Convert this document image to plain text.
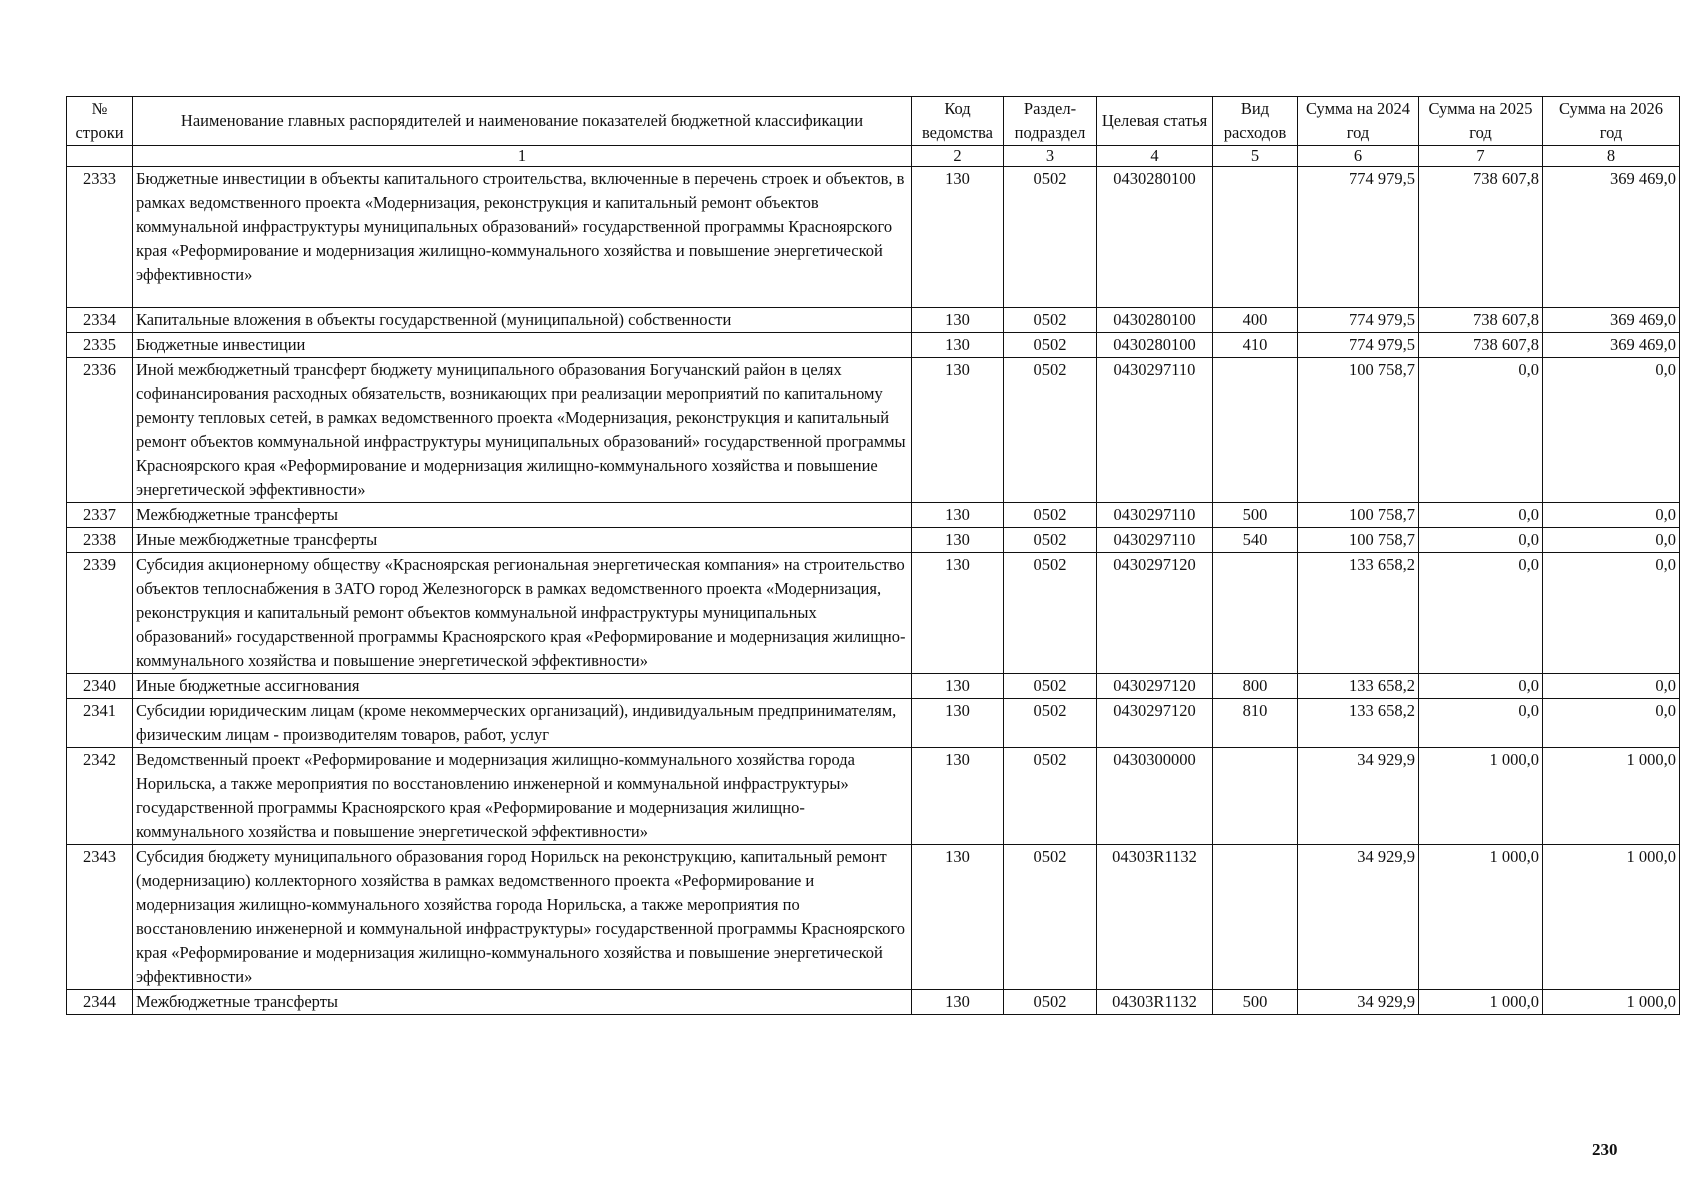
№ строки	Наименование главных распорядителей и наименование показателей бюджетной классификации	Код ведомства	Раздел-подраздел	Целевая статья	Вид расходов	Сумма на 2024 год	Сумма на 2025 год	Сумма на 2026 год
	1	2	3	4	5	6	7	8
2333	Бюджетные инвестиции в объекты капитального строительства, включенные в перечень строек и объектов, в рамках ведомственного проекта «Модернизация, реконструкция и капитальный ремонт объектов коммунальной инфраструктуры муниципальных образований» государственной программы Красноярского края «Реформирование и модернизация жилищно-коммунального хозяйства и повышение энергетической эффективности»	130	0502	0430280100		774 979,5	738 607,8	369 469,0
2334	Капитальные вложения в объекты государственной (муниципальной) собственности	130	0502	0430280100	400	774 979,5	738 607,8	369 469,0
2335	Бюджетные инвестиции	130	0502	0430280100	410	774 979,5	738 607,8	369 469,0
2336	Иной межбюджетный трансферт бюджету муниципального образования Богучанский район в целях софинансирования расходных обязательств, возникающих при реализации мероприятий по капитальному ремонту тепловых сетей, в рамках ведомственного проекта «Модернизация, реконструкция и капитальный ремонт объектов коммунальной инфраструктуры муниципальных образований» государственной программы Красноярского края «Реформирование и модернизация жилищно-коммунального хозяйства и повышение энергетической эффективности»	130	0502	0430297110		100 758,7	0,0	0,0
2337	Межбюджетные трансферты	130	0502	0430297110	500	100 758,7	0,0	0,0
2338	Иные межбюджетные трансферты	130	0502	0430297110	540	100 758,7	0,0	0,0
2339	Субсидия акционерному обществу «Красноярская региональная энергетическая компания» на строительство объектов теплоснабжения в ЗАТО город Железногорск в рамках ведомственного проекта «Модернизация, реконструкция и капитальный ремонт объектов коммунальной инфраструктуры муниципальных образований» государственной программы Красноярского края «Реформирование и модернизация жилищно-коммунального хозяйства и повышение энергетической эффективности»	130	0502	0430297120		133 658,2	0,0	0,0
2340	Иные бюджетные ассигнования	130	0502	0430297120	800	133 658,2	0,0	0,0
2341	Субсидии юридическим лицам (кроме некоммерческих организаций), индивидуальным предпринимателям, физическим лицам - производителям товаров, работ, услуг	130	0502	0430297120	810	133 658,2	0,0	0,0
2342	Ведомственный проект «Реформирование и модернизация жилищно-коммунального хозяйства города Норильска, а также мероприятия по восстановлению инженерной и коммунальной инфраструктуры» государственной программы Красноярского края «Реформирование и модернизация жилищно-коммунального хозяйства и повышение энергетической эффективности»	130	0502	0430300000		34 929,9	1 000,0	1 000,0
2343	Субсидия бюджету муниципального образования город Норильск на реконструкцию, капитальный ремонт (модернизацию) коллекторного хозяйства в рамках ведомственного проекта «Реформирование и модернизация жилищно-коммунального хозяйства города Норильска, а также мероприятия по восстановлению инженерной и коммунальной инфраструктуры» государственной программы Красноярского края «Реформирование и модернизация жилищно-коммунального хозяйства и повышение энергетической эффективности»	130	0502	04303R1132		34 929,9	1 000,0	1 000,0
2344	Межбюджетные трансферты	130	0502	04303R1132	500	34 929,9	1 000,0	1 000,0
230
